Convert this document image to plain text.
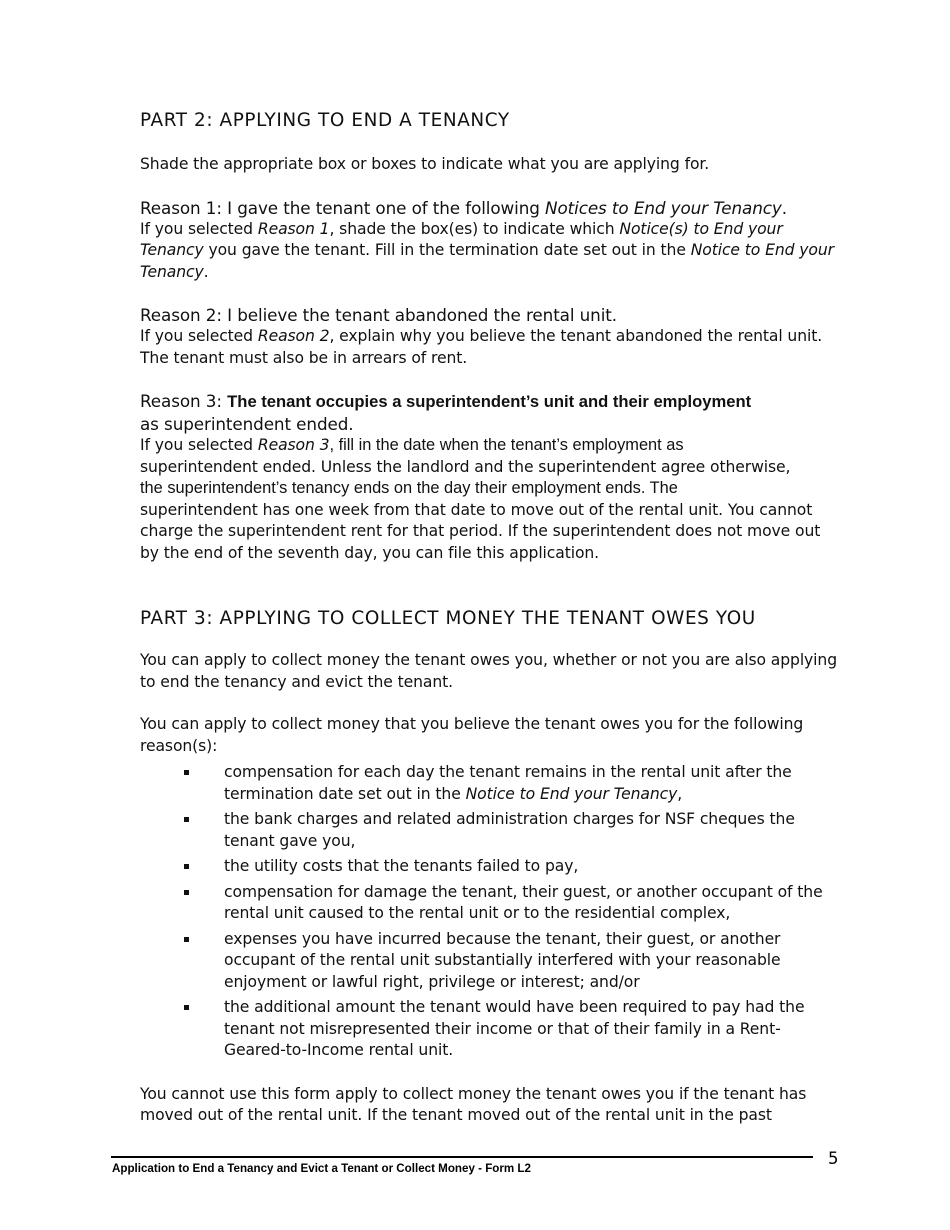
PART 2: APPLYING TO END A TENANCY

Shade the appropriate box or boxes to indicate what you are applying for.

Reason 1: I gave the tenant one of the following Notices to End your Tenancy.

If you selected Reason 1, shade the box(es) to indicate which Notice(s) to End your Tenancy you gave the tenant. Fill in the termination date set out in the Notice to End your Tenancy.

Reason 2: I believe the tenant abandoned the rental unit.

If you selected Reason 2, explain why you believe the tenant abandoned the rental unit. The tenant must also be in arrears of rent.

Reason 3: The tenant occupies a superintendent’s unit and their employment
as superintendent ended.

If you selected Reason 3, fill in the date when the tenant’s employment as
superintendent ended. Unless the landlord and the superintendent agree otherwise,
the superintendent’s tenancy ends on the day their employment ends. The
superintendent has one week from that date to move out of the rental unit. You cannot charge the superintendent rent for that period. If the superintendent does not move out by the end of the seventh day, you can file this application.

PART 3: APPLYING TO COLLECT MONEY THE TENANT OWES YOU

You can apply to collect money the tenant owes you, whether or not you are also applying to end the tenancy and evict the tenant.

You can apply to collect money that you believe the tenant owes you for the following reason(s):

compensation for each day the tenant remains in the rental unit after the termination date set out in the Notice to End your Tenancy,
the bank charges and related administration charges for NSF cheques the tenant gave you,
the utility costs that the tenants failed to pay,
compensation for damage the tenant, their guest, or another occupant of the rental unit caused to the rental unit or to the residential complex,
expenses you have incurred because the tenant, their guest, or another occupant of the rental unit substantially interfered with your reasonable enjoyment or lawful right, privilege or interest; and/or
the additional amount the tenant would have been required to pay had the tenant not misrepresented their income or that of their family in a Rent-Geared-to-Income rental unit.

You cannot use this form apply to collect money the tenant owes you if the tenant has moved out of the rental unit. If the tenant moved out of the rental unit in the past

Application to End a Tenancy and Evict a Tenant or Collect Money - Form L2
5
